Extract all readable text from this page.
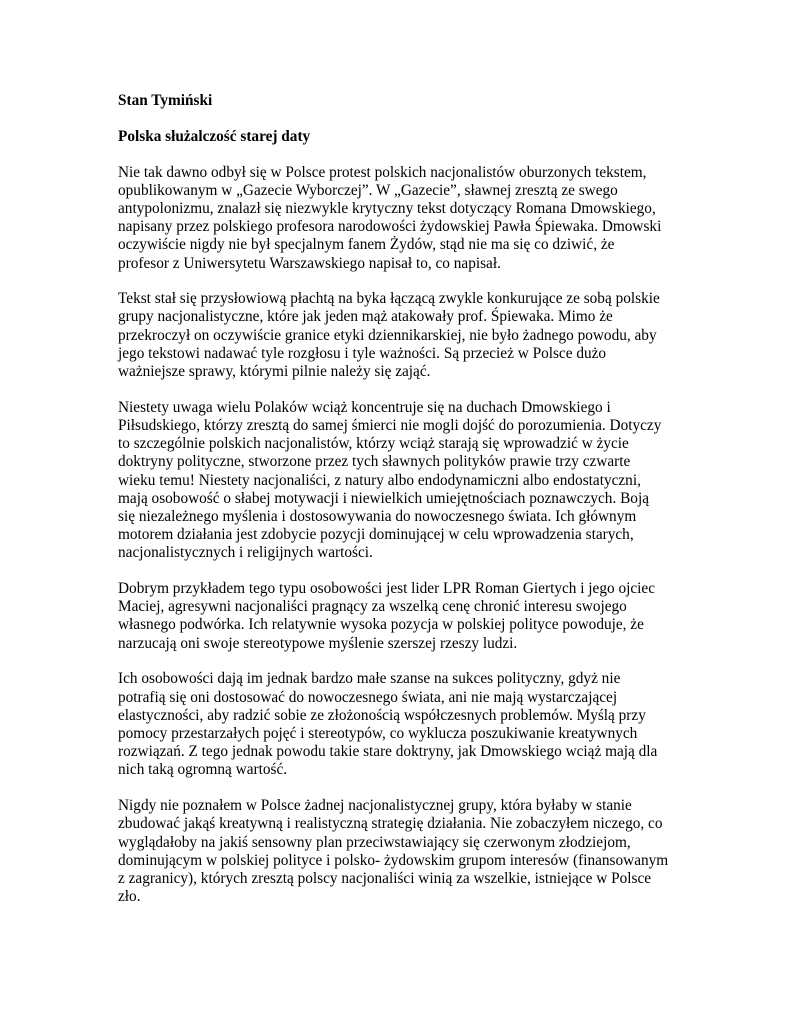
Stan Tymiński

Polska służalczość starej daty

Nie tak dawno odbył się w Polsce protest polskich nacjonalistów oburzonych tekstem,
opublikowanym w „Gazecie Wyborczej”. W „Gazecie”, sławnej zresztą ze swego
antypolonizmu, znalazł się niezwykle krytyczny tekst dotyczący Romana Dmowskiego,
napisany przez polskiego profesora narodowości żydowskiej Pawła Śpiewaka. Dmowski
oczywiście nigdy nie był specjalnym fanem Żydów, stąd nie ma się co dziwić, że
profesor z Uniwersytetu Warszawskiego napisał to, co napisał.

Tekst stał się przysłowiową płachtą na byka łączącą zwykle konkurujące ze sobą polskie
grupy nacjonalistyczne, które jak jeden mąż atakowały prof. Śpiewaka. Mimo że
przekroczył on oczywiście granice etyki dziennikarskiej, nie było żadnego powodu, aby
jego tekstowi nadawać tyle rozgłosu i tyle ważności. Są przecież w Polsce dużo
ważniejsze sprawy, którymi pilnie należy się zająć.

Niestety uwaga wielu Polaków wciąż koncentruje się na duchach Dmowskiego i
Piłsudskiego, którzy zresztą do samej śmierci nie mogli dojść do porozumienia. Dotyczy
to szczególnie polskich nacjonalistów, którzy wciąż starają się wprowadzić w życie
doktryny polityczne, stworzone przez tych sławnych polityków prawie trzy czwarte
wieku temu! Niestety nacjonaliści, z natury albo endodynamiczni albo endostatyczni,
mają osobowość o słabej motywacji i niewielkich umiejętnościach poznawczych. Boją
się niezależnego myślenia i dostosowywania do nowoczesnego świata. Ich głównym
motorem działania jest zdobycie pozycji dominującej w celu wprowadzenia starych,
nacjonalistycznych i religijnych wartości.

Dobrym przykładem tego typu osobowości jest lider LPR Roman Giertych i jego ojciec
Maciej, agresywni nacjonaliści pragnący za wszelką cenę chronić interesu swojego
własnego podwórka. Ich relatywnie wysoka pozycja w polskiej polityce powoduje, że
narzucają oni swoje stereotypowe myślenie szerszej rzeszy ludzi.

Ich osobowości dają im jednak bardzo małe szanse na sukces polityczny, gdyż nie
potrafią się oni dostosować do nowoczesnego świata, ani nie mają wystarczającej
elastyczności, aby radzić sobie ze złożonością współczesnych problemów. Myślą przy
pomocy przestarzałych pojęć i stereotypów, co wyklucza poszukiwanie kreatywnych
rozwiązań. Z tego jednak powodu takie stare doktryny, jak Dmowskiego wciąż mają dla
nich taką ogromną wartość.

Nigdy nie poznałem w Polsce żadnej nacjonalistycznej grupy, która byłaby w stanie
zbudować jakąś kreatywną i realistyczną strategię działania. Nie zobaczyłem niczego, co
wyglądałoby na jakiś sensowny plan przeciwstawiający się czerwonym złodziejom,
dominującym w polskiej polityce i polsko- żydowskim grupom interesów (finansowanym
z zagranicy), których zresztą polscy nacjonaliści winią za wszelkie, istniejące w Polsce
zło.
